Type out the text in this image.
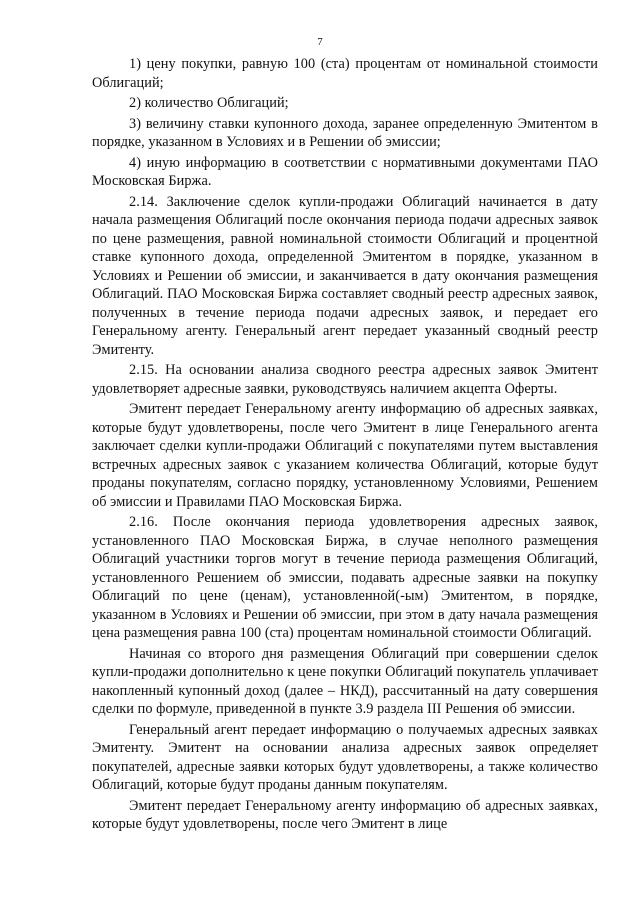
7

1) цену покупки, равную 100 (ста) процентам от номинальной стоимости Облигаций;

2) количество Облигаций;

3) величину ставки купонного дохода, заранее определенную Эмитентом в порядке, указанном в Условиях и в Решении об эмиссии;

4) иную информацию в соответствии с нормативными документами ПАО Московская Биржа.

2.14. Заключение сделок купли-продажи Облигаций начинается в дату начала размещения Облигаций после окончания периода подачи адресных заявок по цене размещения, равной номинальной стоимости Облигаций и процентной ставке купонного дохода, определенной Эмитентом в порядке, указанном в Условиях и Решении об эмиссии, и заканчивается в дату окончания размещения Облигаций. ПАО Московская Биржа составляет сводный реестр адресных заявок, полученных в течение периода подачи адресных заявок, и передает его Генеральному агенту. Генеральный агент передает указанный сводный реестр Эмитенту.

2.15. На основании анализа сводного реестра адресных заявок Эмитент удовлетворяет адресные заявки, руководствуясь наличием акцепта Оферты.

Эмитент передает Генеральному агенту информацию об адресных заявках, которые будут удовлетворены, после чего Эмитент в лице Генерального агента заключает сделки купли-продажи Облигаций с покупателями путем выставления встречных адресных заявок с указанием количества Облигаций, которые будут проданы покупателям, согласно порядку, установленному Условиями, Решением об эмиссии и Правилами ПАО Московская Биржа.

2.16. После окончания периода удовлетворения адресных заявок, установленного ПАО Московская Биржа, в случае неполного размещения Облигаций участники торгов могут в течение периода размещения Облигаций, установленного Решением об эмиссии, подавать адресные заявки на покупку Облигаций по цене (ценам), установленной(-ым) Эмитентом, в порядке, указанном в Условиях и Решении об эмиссии, при этом в дату начала размещения цена размещения равна 100 (ста) процентам номинальной стоимости Облигаций.

Начиная со второго дня размещения Облигаций при совершении сделок купли-продажи дополнительно к цене покупки Облигаций покупатель уплачивает накопленный купонный доход (далее – НКД), рассчитанный на дату совершения сделки по формуле, приведенной в пункте 3.9 раздела III Решения об эмиссии.

Генеральный агент передает информацию о получаемых адресных заявках Эмитенту. Эмитент на основании анализа адресных заявок определяет покупателей, адресные заявки которых будут удовлетворены, а также количество Облигаций, которые будут проданы данным покупателям.

Эмитент передает Генеральному агенту информацию об адресных заявках, которые будут удовлетворены, после чего Эмитент в лице
